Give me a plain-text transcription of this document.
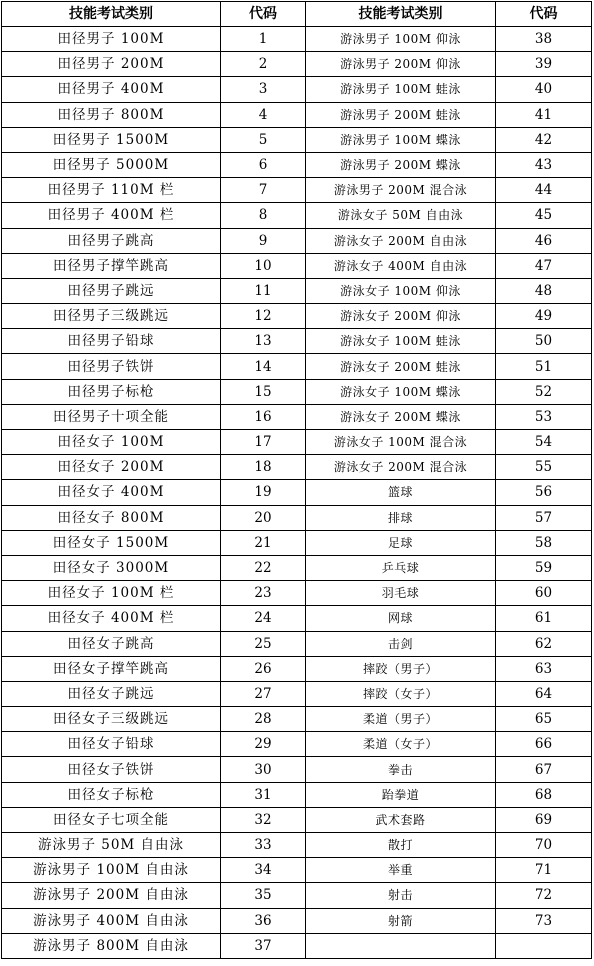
技能考试类别	代码	技能考试类别	代码
田径男子 100M	1	游泳男子 100M 仰泳	38
田径男子 200M	2	游泳男子 200M 仰泳	39
田径男子 400M	3	游泳男子 100M 蛙泳	40
田径男子 800M	4	游泳男子 200M 蛙泳	41
田径男子 1500M	5	游泳男子 100M 蝶泳	42
田径男子 5000M	6	游泳男子 200M 蝶泳	43
田径男子 110M 栏	7	游泳男子 200M 混合泳	44
田径男子 400M 栏	8	游泳女子 50M 自由泳	45
田径男子跳高	9	游泳女子 200M 自由泳	46
田径男子撑竿跳高	10	游泳女子 400M 自由泳	47
田径男子跳远	11	游泳女子 100M 仰泳	48
田径男子三级跳远	12	游泳女子 200M 仰泳	49
田径男子铅球	13	游泳女子 100M 蛙泳	50
田径男子铁饼	14	游泳女子 200M 蛙泳	51
田径男子标枪	15	游泳女子 100M 蝶泳	52
田径男子十项全能	16	游泳女子 200M 蝶泳	53
田径女子 100M	17	游泳女子 100M 混合泳	54
田径女子 200M	18	游泳女子 200M 混合泳	55
田径女子 400M	19	篮球	56
田径女子 800M	20	排球	57
田径女子 1500M	21	足球	58
田径女子 3000M	22	乒乓球	59
田径女子 100M 栏	23	羽毛球	60
田径女子 400M 栏	24	网球	61
田径女子跳高	25	击剑	62
田径女子撑竿跳高	26	摔跤（男子）	63
田径女子跳远	27	摔跤（女子）	64
田径女子三级跳远	28	柔道（男子）	65
田径女子铅球	29	柔道（女子）	66
田径女子铁饼	30	拳击	67
田径女子标枪	31	跆拳道	68
田径女子七项全能	32	武术套路	69
游泳男子 50M 自由泳	33	散打	70
游泳男子 100M 自由泳	34	举重	71
游泳男子 200M 自由泳	35	射击	72
游泳男子 400M 自由泳	36	射箭	73
游泳男子 800M 自由泳	37		
